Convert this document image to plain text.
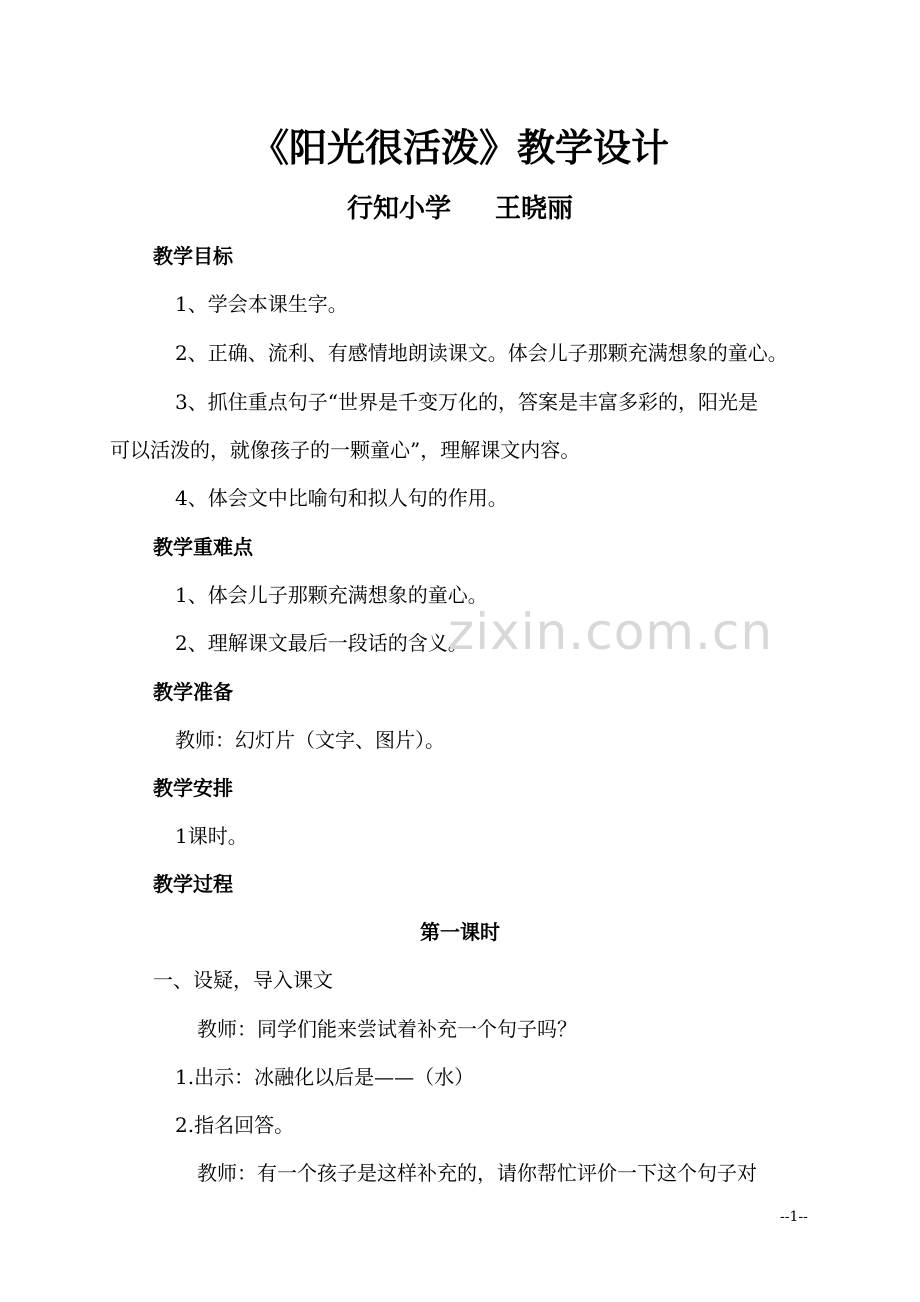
《阳光很活泼》教学设计
行知小学 王晓丽
教学目标
1、学会本课生字。
2、正确、流利、有感情地朗读课文。体会儿子那颗充满想象的童心。
3、抓住重点句子“世界是千变万化的，答案是丰富多彩的，阳光是
可以活泼的，就像孩子的一颗童心”，理解课文内容。
4、体会文中比喻句和拟人句的作用。
教学重难点
1、体会儿子那颗充满想象的童心。
2、理解课文最后一段话的含义。
zixin.com.cn
教学准备
教师：幻灯片（文字、图片）。
教学安排
1课时。
教学过程
第一课时
一、设疑，导入课文
教师：同学们能来尝试着补充一个句子吗？
1.出示：冰融化以后是——（水）
2.指名回答。
教师：有一个孩子是这样补充的，请你帮忙评价一下这个句子对
--1--
